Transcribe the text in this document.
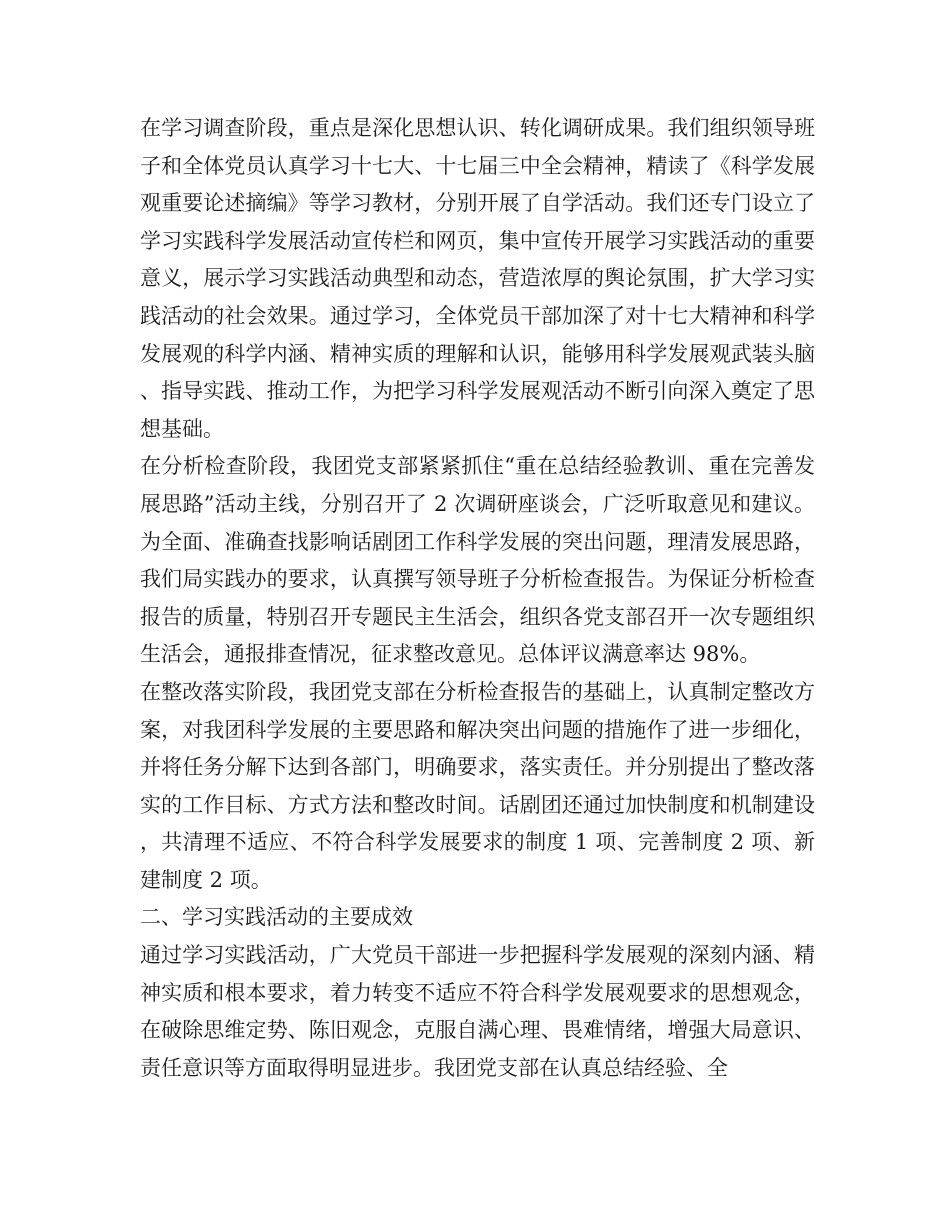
在学习调查阶段，重点是深化思想认识、转化调研成果。我们组织领导班子和全体党员认真学习十七大、十七届三中全会精神，精读了《科学发展观重要论述摘编》等学习教材，分别开展了自学活动。我们还专门设立了学习实践科学发展活动宣传栏和网页，集中宣传开展学习实践活动的重要意义，展示学习实践活动典型和动态，营造浓厚的舆论氛围，扩大学习实践活动的社会效果。通过学习，全体党员干部加深了对十七大精神和科学发展观的科学内涵、精神实质的理解和认识，能够用科学发展观武装头脑、指导实践、推动工作，为把学习科学发展观活动不断引向深入奠定了思想基础。

在分析检查阶段，我团党支部紧紧抓住“重在总结经验教训、重在完善发展思路”活动主线，分别召开了 2 次调研座谈会，广泛听取意见和建议。为全面、准确查找影响话剧团工作科学发展的突出问题，理清发展思路，我们局实践办的要求，认真撰写领导班子分析检查报告。为保证分析检查报告的质量，特别召开专题民主生活会，组织各党支部召开一次专题组织生活会，通报排查情况，征求整改意见。总体评议满意率达 98%。

在整改落实阶段，我团党支部在分析检查报告的基础上，认真制定整改方案，对我团科学发展的主要思路和解决突出问题的措施作了进一步细化，并将任务分解下达到各部门，明确要求，落实责任。并分别提出了整改落实的工作目标、方式方法和整改时间。话剧团还通过加快制度和机制建设，共清理不适应、不符合科学发展要求的制度 1 项、完善制度 2 项、新建制度 2 项。

二、学习实践活动的主要成效

通过学习实践活动，广大党员干部进一步把握科学发展观的深刻内涵、精神实质和根本要求，着力转变不适应不符合科学发展观要求的思想观念，在破除思维定势、陈旧观念，克服自满心理、畏难情绪，增强大局意识、责任意识等方面取得明显进步。我团党支部在认真总结经验、全
